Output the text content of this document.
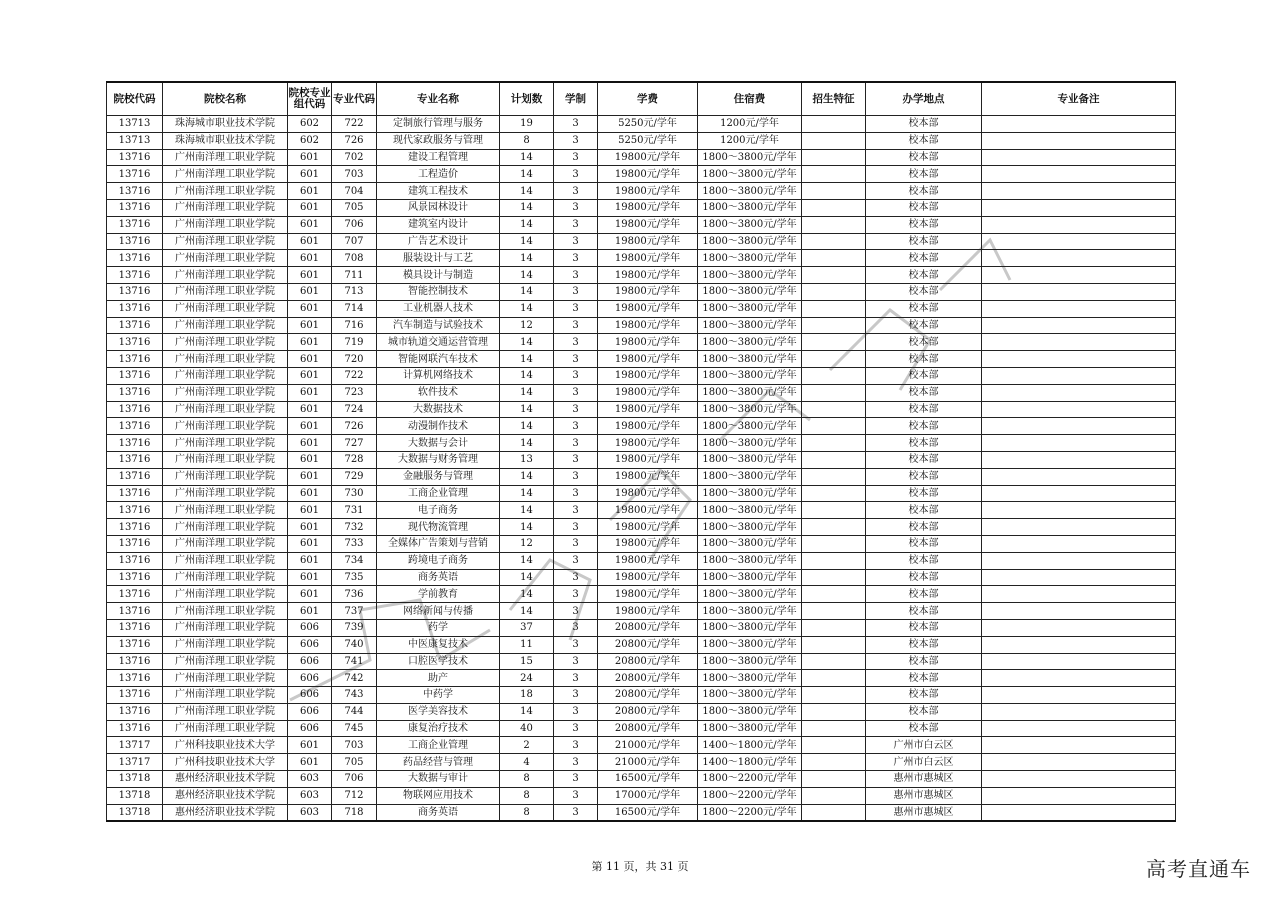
院校代码	院校名称	院校专业组代码	专业代码	专业名称	计划数	学制	学费	住宿费	招生特征	办学地点	专业备注
13713	珠海城市职业技术学院	602	722	定制旅行管理与服务	19	3	5250元/学年	1200元/学年		校本部	
13713	珠海城市职业技术学院	602	726	现代家政服务与管理	8	3	5250元/学年	1200元/学年		校本部	
13716	广州南洋理工职业学院	601	702	建设工程管理	14	3	19800元/学年	1800～3800元/学年		校本部	
13716	广州南洋理工职业学院	601	703	工程造价	14	3	19800元/学年	1800～3800元/学年		校本部	
13716	广州南洋理工职业学院	601	704	建筑工程技术	14	3	19800元/学年	1800～3800元/学年		校本部	
13716	广州南洋理工职业学院	601	705	风景园林设计	14	3	19800元/学年	1800～3800元/学年		校本部	
13716	广州南洋理工职业学院	601	706	建筑室内设计	14	3	19800元/学年	1800～3800元/学年		校本部	
13716	广州南洋理工职业学院	601	707	广告艺术设计	14	3	19800元/学年	1800～3800元/学年		校本部	
13716	广州南洋理工职业学院	601	708	服装设计与工艺	14	3	19800元/学年	1800～3800元/学年		校本部	
13716	广州南洋理工职业学院	601	711	模具设计与制造	14	3	19800元/学年	1800～3800元/学年		校本部	
13716	广州南洋理工职业学院	601	713	智能控制技术	14	3	19800元/学年	1800～3800元/学年		校本部	
13716	广州南洋理工职业学院	601	714	工业机器人技术	14	3	19800元/学年	1800～3800元/学年		校本部	
13716	广州南洋理工职业学院	601	716	汽车制造与试验技术	12	3	19800元/学年	1800～3800元/学年		校本部	
13716	广州南洋理工职业学院	601	719	城市轨道交通运营管理	14	3	19800元/学年	1800～3800元/学年		校本部	
13716	广州南洋理工职业学院	601	720	智能网联汽车技术	14	3	19800元/学年	1800～3800元/学年		校本部	
13716	广州南洋理工职业学院	601	722	计算机网络技术	14	3	19800元/学年	1800～3800元/学年		校本部	
13716	广州南洋理工职业学院	601	723	软件技术	14	3	19800元/学年	1800～3800元/学年		校本部	
13716	广州南洋理工职业学院	601	724	大数据技术	14	3	19800元/学年	1800～3800元/学年		校本部	
13716	广州南洋理工职业学院	601	726	动漫制作技术	14	3	19800元/学年	1800～3800元/学年		校本部	
13716	广州南洋理工职业学院	601	727	大数据与会计	14	3	19800元/学年	1800～3800元/学年		校本部	
13716	广州南洋理工职业学院	601	728	大数据与财务管理	13	3	19800元/学年	1800～3800元/学年		校本部	
13716	广州南洋理工职业学院	601	729	金融服务与管理	14	3	19800元/学年	1800～3800元/学年		校本部	
13716	广州南洋理工职业学院	601	730	工商企业管理	14	3	19800元/学年	1800～3800元/学年		校本部	
13716	广州南洋理工职业学院	601	731	电子商务	14	3	19800元/学年	1800～3800元/学年		校本部	
13716	广州南洋理工职业学院	601	732	现代物流管理	14	3	19800元/学年	1800～3800元/学年		校本部	
13716	广州南洋理工职业学院	601	733	全媒体广告策划与营销	12	3	19800元/学年	1800～3800元/学年		校本部	
13716	广州南洋理工职业学院	601	734	跨境电子商务	14	3	19800元/学年	1800～3800元/学年		校本部	
13716	广州南洋理工职业学院	601	735	商务英语	14	3	19800元/学年	1800～3800元/学年		校本部	
13716	广州南洋理工职业学院	601	736	学前教育	14	3	19800元/学年	1800～3800元/学年		校本部	
13716	广州南洋理工职业学院	601	737	网络新闻与传播	14	3	19800元/学年	1800～3800元/学年		校本部	
13716	广州南洋理工职业学院	606	739	药学	37	3	20800元/学年	1800～3800元/学年		校本部	
13716	广州南洋理工职业学院	606	740	中医康复技术	11	3	20800元/学年	1800～3800元/学年		校本部	
13716	广州南洋理工职业学院	606	741	口腔医学技术	15	3	20800元/学年	1800～3800元/学年		校本部	
13716	广州南洋理工职业学院	606	742	助产	24	3	20800元/学年	1800～3800元/学年		校本部	
13716	广州南洋理工职业学院	606	743	中药学	18	3	20800元/学年	1800～3800元/学年		校本部	
13716	广州南洋理工职业学院	606	744	医学美容技术	14	3	20800元/学年	1800～3800元/学年		校本部	
13716	广州南洋理工职业学院	606	745	康复治疗技术	40	3	20800元/学年	1800～3800元/学年		校本部	
13717	广州科技职业技术大学	601	703	工商企业管理	2	3	21000元/学年	1400～1800元/学年		广州市白云区	
13717	广州科技职业技术大学	601	705	药品经营与管理	4	3	21000元/学年	1400～1800元/学年		广州市白云区	
13718	惠州经济职业技术学院	603	706	大数据与审计	8	3	16500元/学年	1800～2200元/学年		惠州市惠城区	
13718	惠州经济职业技术学院	603	712	物联网应用技术	8	3	17000元/学年	1800～2200元/学年		惠州市惠城区	
13718	惠州经济职业技术学院	603	718	商务英语	8	3	16500元/学年	1800～2200元/学年		惠州市惠城区	
第 11 页，共 31 页	高考直通车
